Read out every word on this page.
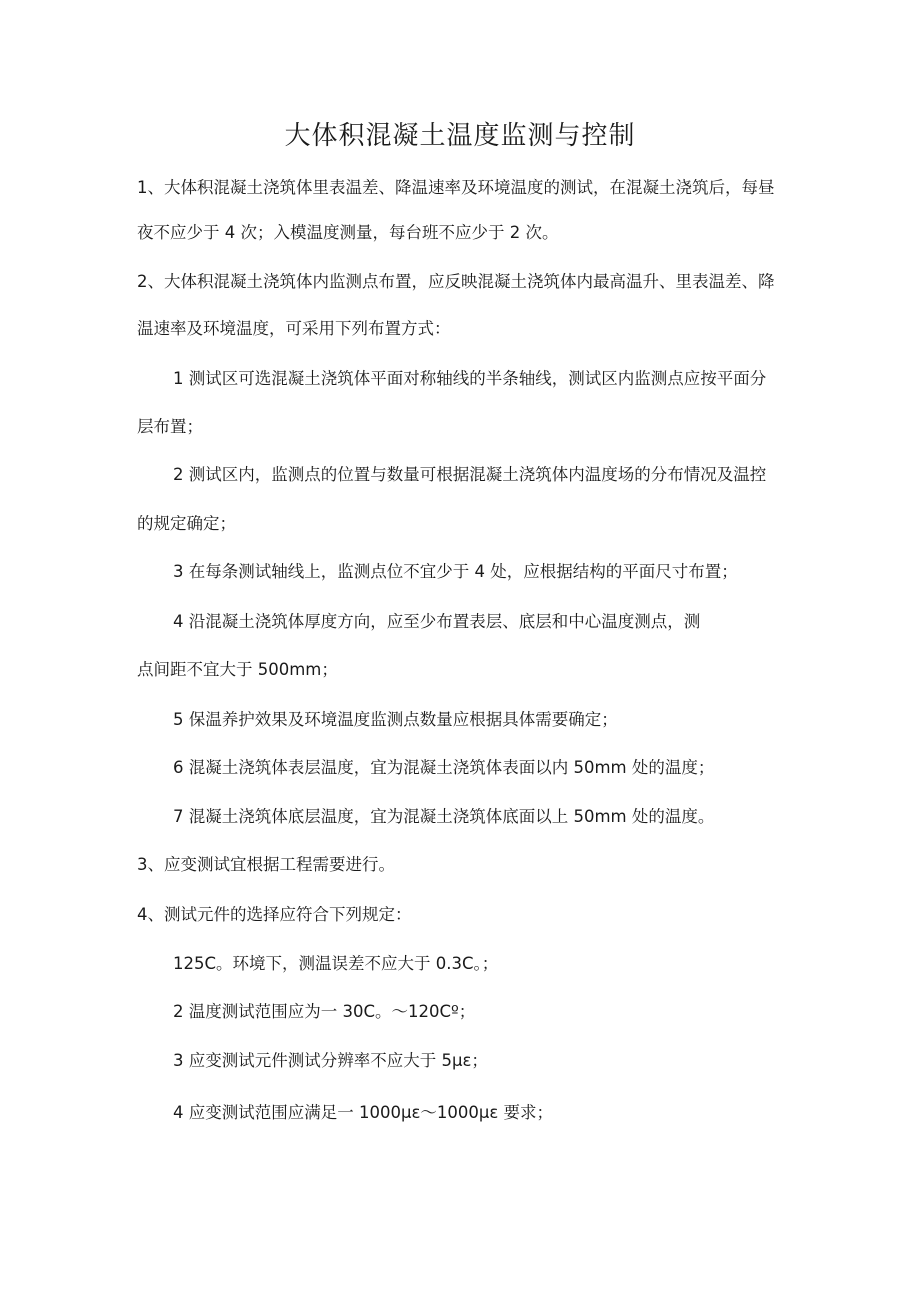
大体积混凝土温度监测与控制
1、大体积混凝土浇筑体里表温差、降温速率及环境温度的测试，在混凝土浇筑后，每昼
夜不应少于 4 次；入模温度测量，每台班不应少于 2 次。
2、大体积混凝土浇筑体内监测点布置，应反映混凝土浇筑体内最高温升、里表温差、降
温速率及环境温度，可采用下列布置方式：
1 测试区可选混凝土浇筑体平面对称轴线的半条轴线，测试区内监测点应按平面分
层布置；
2 测试区内，监测点的位置与数量可根据混凝土浇筑体内温度场的分布情况及温控
的规定确定；
3 在每条测试轴线上，监测点位不宜少于 4 处，应根据结构的平面尺寸布置；
4 沿混凝土浇筑体厚度方向，应至少布置表层、底层和中心温度测点，测
点间距不宜大于 500mm；
5 保温养护效果及环境温度监测点数量应根据具体需要确定；
6 混凝土浇筑体表层温度，宜为混凝土浇筑体表面以内 50mm 处的温度；
7 混凝土浇筑体底层温度，宜为混凝土浇筑体底面以上 50mm 处的温度。
3、应变测试宜根据工程需要进行。
4、测试元件的选择应符合下列规定：
125C。环境下，测温误差不应大于 0.3C。；
2 温度测试范围应为一 30C。～120Cº；
3 应变测试元件测试分辨率不应大于 5με；
4 应变测试范围应满足一 1000με～1000με 要求；
